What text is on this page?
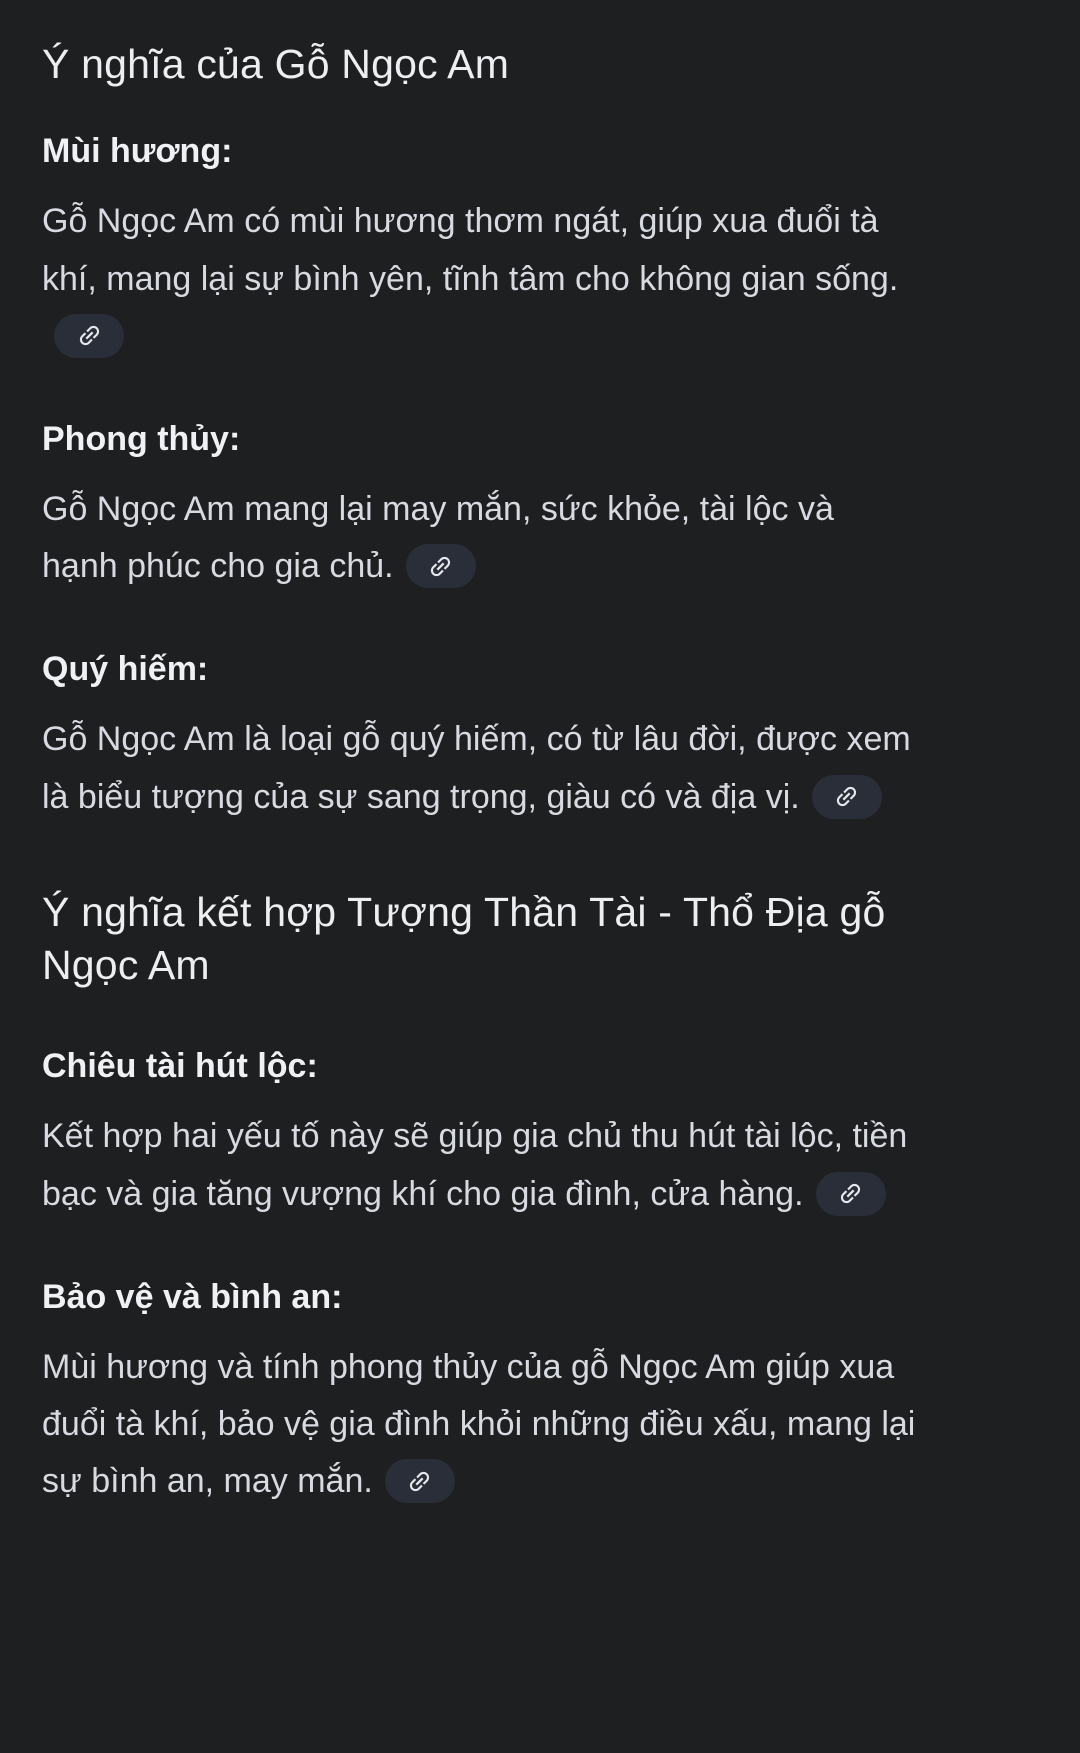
Ý nghĩa của Gỗ Ngọc Am
Mùi hương:

Gỗ Ngọc Am có mùi hương thơm ngát, giúp xua đuổi tà khí, mang lại sự bình yên, tĩnh tâm cho không gian sống.

Phong thủy:

Gỗ Ngọc Am mang lại may mắn, sức khỏe, tài lộc và hạnh phúc cho gia chủ.

Quý hiếm:

Gỗ Ngọc Am là loại gỗ quý hiếm, có từ lâu đời, được xem là biểu tượng của sự sang trọng, giàu có và địa vị.

Ý nghĩa kết hợp Tượng Thần Tài - Thổ Địa gỗ Ngọc Am
Chiêu tài hút lộc:

Kết hợp hai yếu tố này sẽ giúp gia chủ thu hút tài lộc, tiền bạc và gia tăng vượng khí cho gia đình, cửa hàng.

Bảo vệ và bình an:

Mùi hương và tính phong thủy của gỗ Ngọc Am giúp xua đuổi tà khí, bảo vệ gia đình khỏi những điều xấu, mang lại sự bình an, may mắn.
